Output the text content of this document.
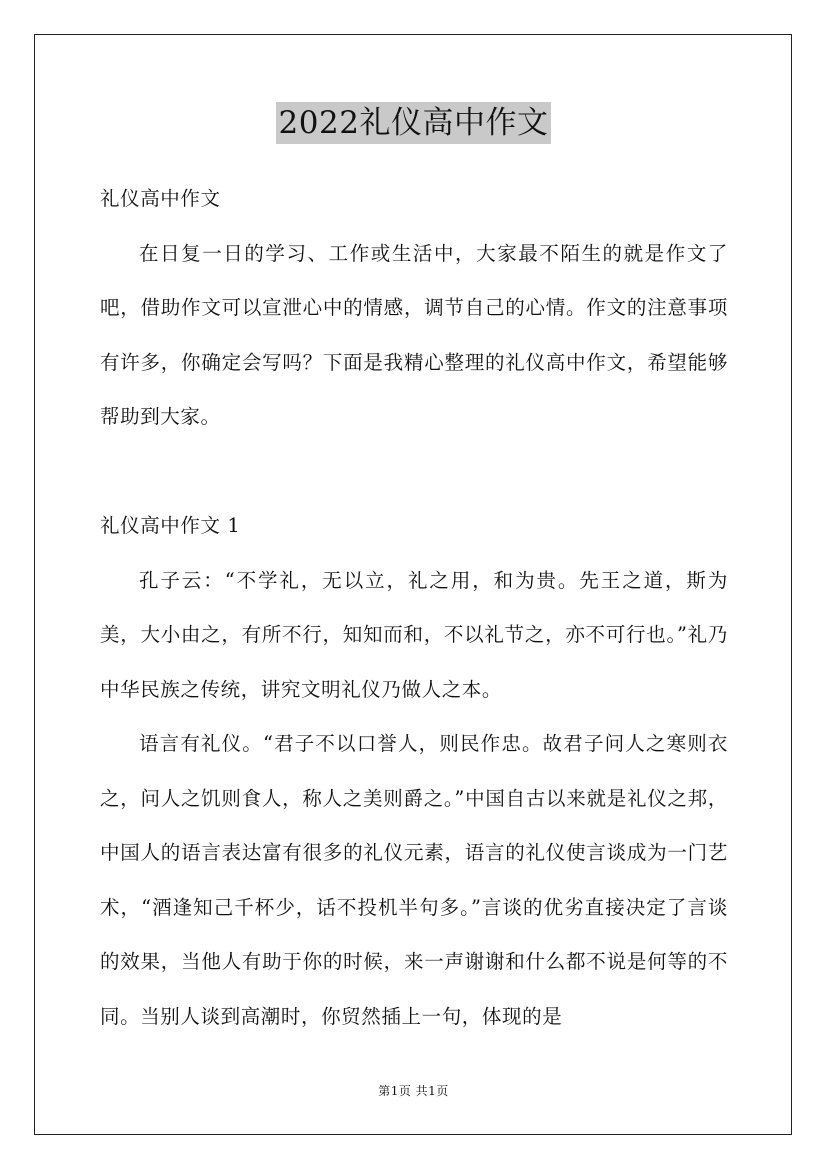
2022礼仪高中作文

礼仪高中作文

在日复一日的学习、工作或生活中，大家最不陌生的就是作文了吧，借助作文可以宣泄心中的情感，调节自己的心情。作文的注意事项有许多，你确定会写吗？下面是我精心整理的礼仪高中作文，希望能够帮助到大家。

礼仪高中作文 1

孔子云：“不学礼，无以立，礼之用，和为贵。先王之道，斯为美，大小由之，有所不行，知知而和，不以礼节之，亦不可行也。”礼乃中华民族之传统，讲究文明礼仪乃做人之本。

语言有礼仪。“君子不以口誉人，则民作忠。故君子问人之寒则衣之，问人之饥则食人，称人之美则爵之。”中国自古以来就是礼仪之邦，中国人的语言表达富有很多的礼仪元素，语言的礼仪使言谈成为一门艺术，“酒逢知己千杯少，话不投机半句多。”言谈的优劣直接决定了言谈的效果，当他人有助于你的时候，来一声谢谢和什么都不说是何等的不同。当别人谈到高潮时，你贸然插上一句，体现的是

第1页 共1页
